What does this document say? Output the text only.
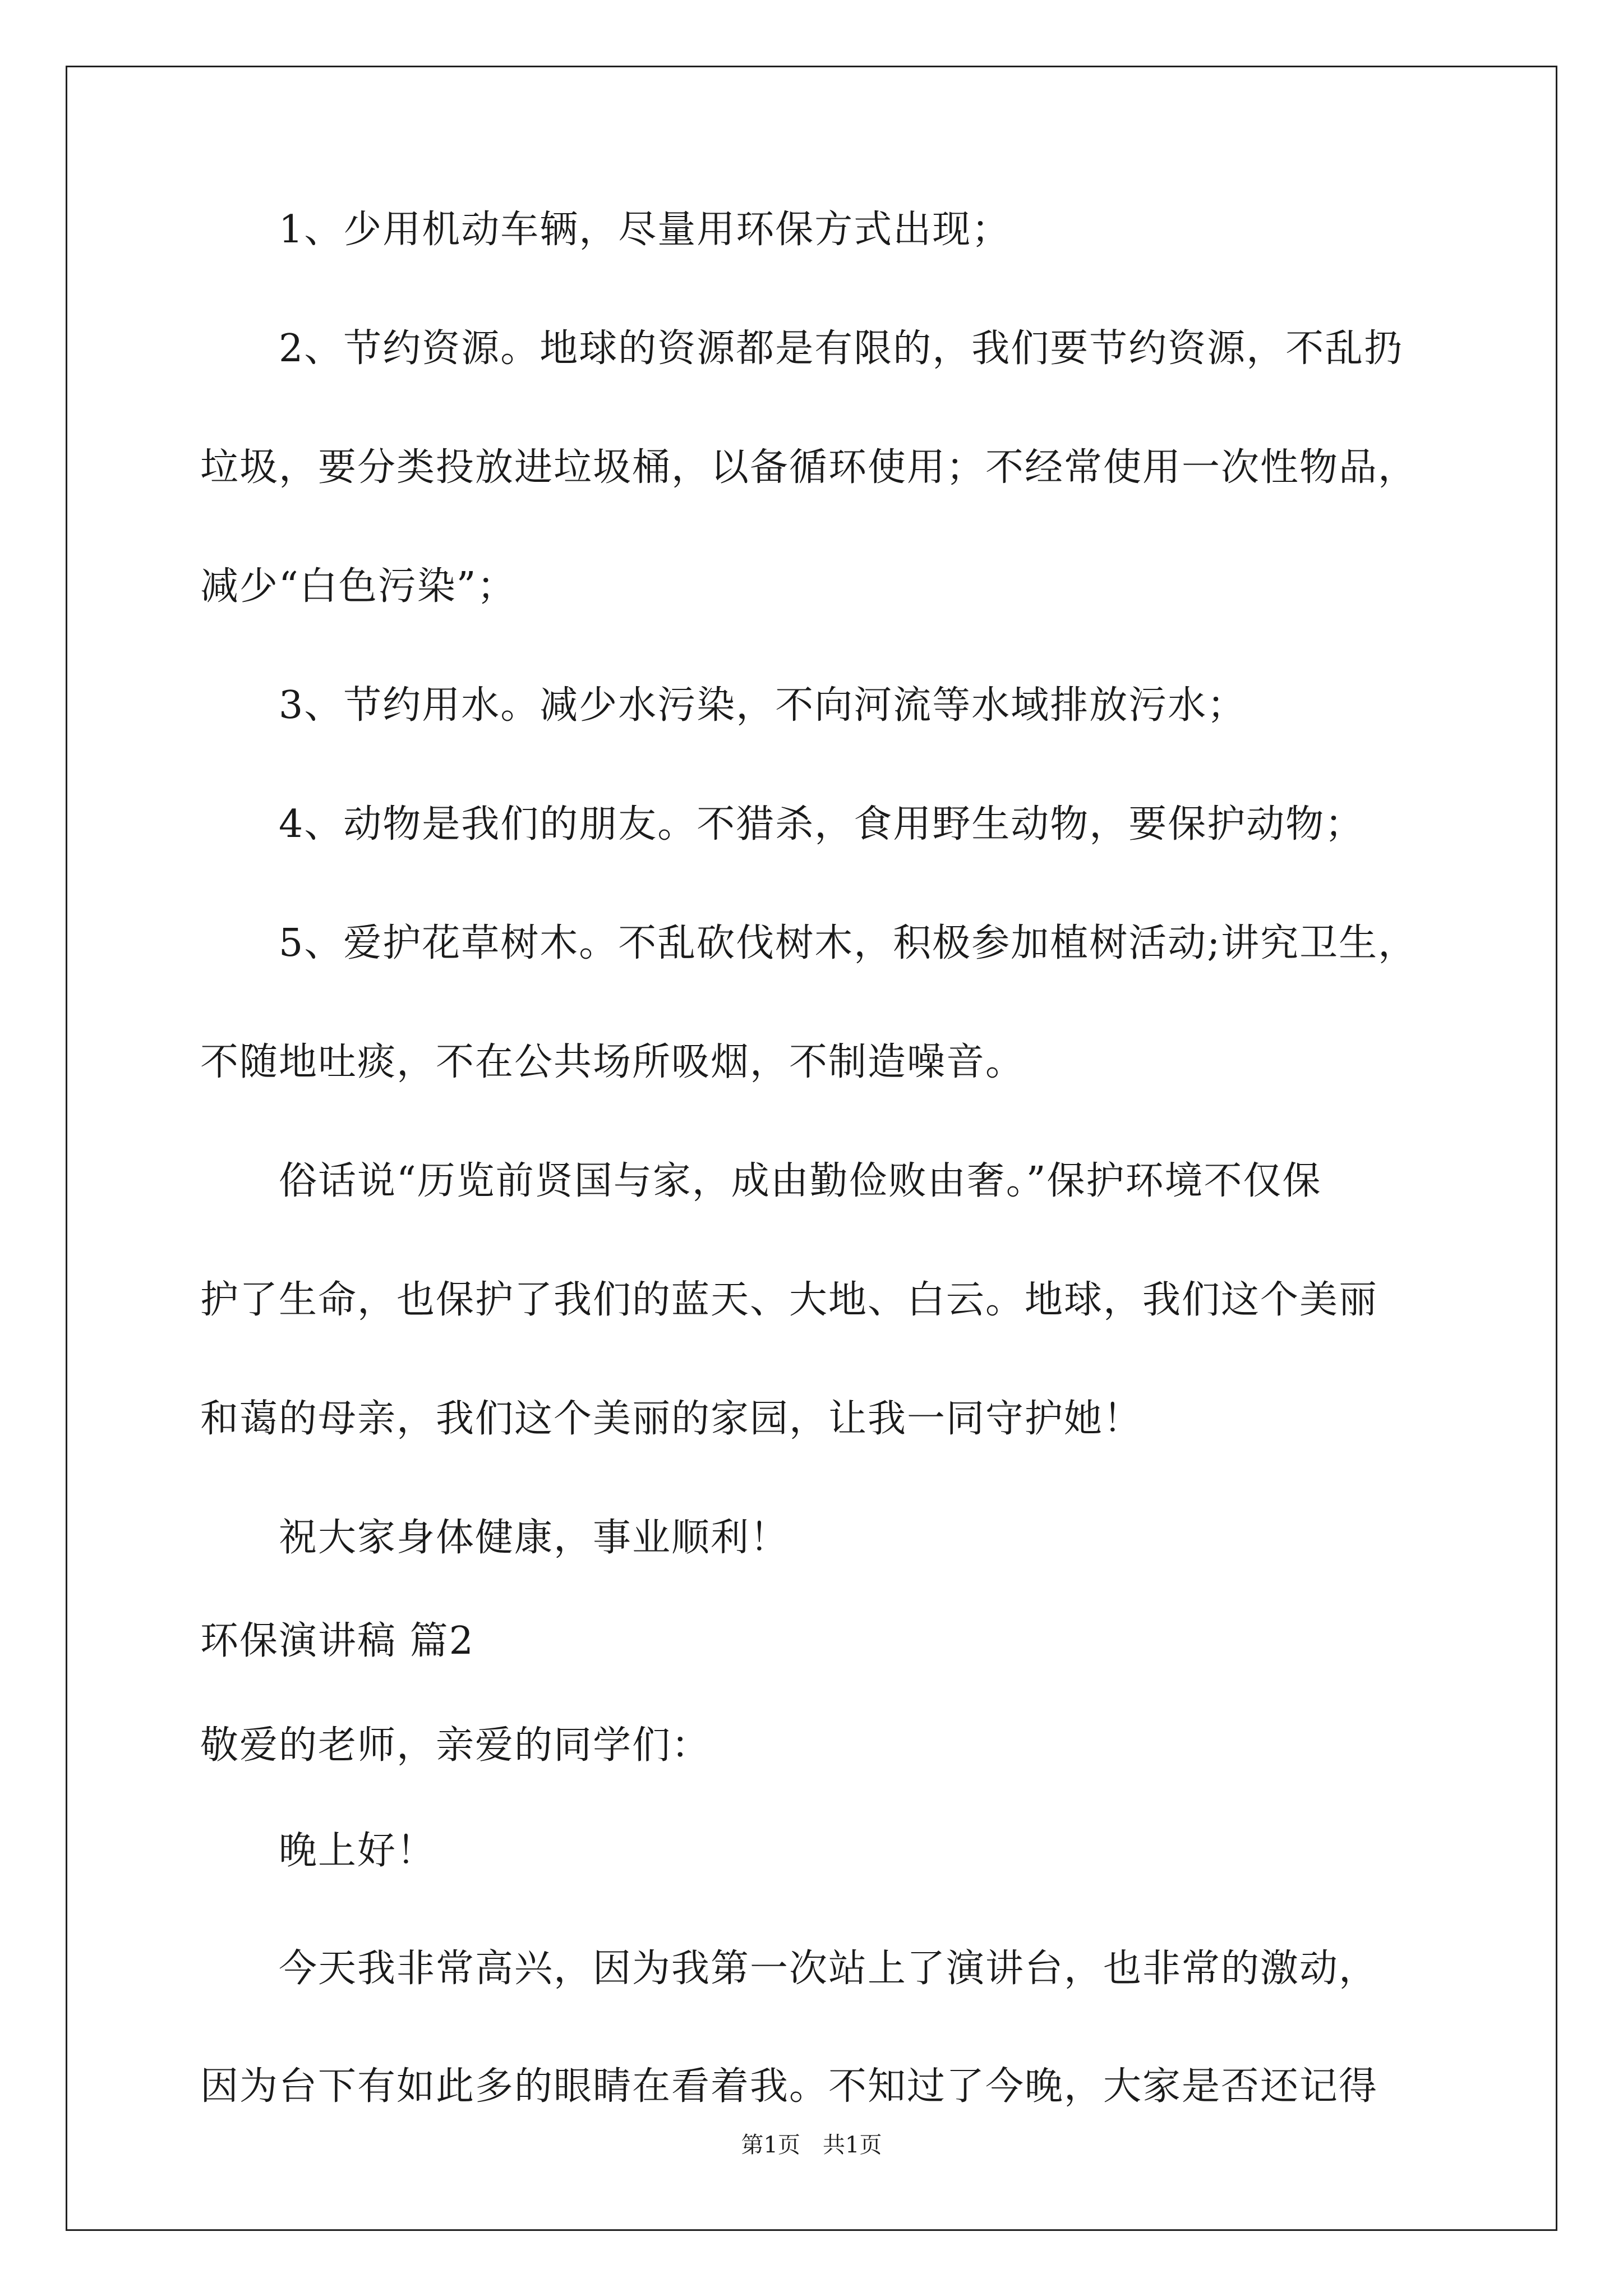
1、少用机动车辆，尽量用环保方式出现；
2、节约资源。地球的资源都是有限的，我们要节约资源，不乱扔
垃圾，要分类投放进垃圾桶，以备循环使用；不经常使用一次性物品，
减少“白色污染”；
3、节约用水。减少水污染，不向河流等水域排放污水；
4、动物是我们的朋友。不猎杀，食用野生动物，要保护动物；
5、爱护花草树木。不乱砍伐树木，积极参加植树活动;讲究卫生，
不随地吐痰，不在公共场所吸烟，不制造噪音。
俗话说“历览前贤国与家，成由勤俭败由奢。”保护环境不仅保
护了生命，也保护了我们的蓝天、大地、白云。地球，我们这个美丽
和蔼的母亲，我们这个美丽的家园，让我一同守护她！
祝大家身体健康，事业顺利！
环保演讲稿 篇2
敬爱的老师，亲爱的同学们：
晚上好！
今天我非常高兴，因为我第一次站上了演讲台，也非常的激动，
因为台下有如此多的眼睛在看着我。不知过了今晚，大家是否还记得
第1页　共1页
